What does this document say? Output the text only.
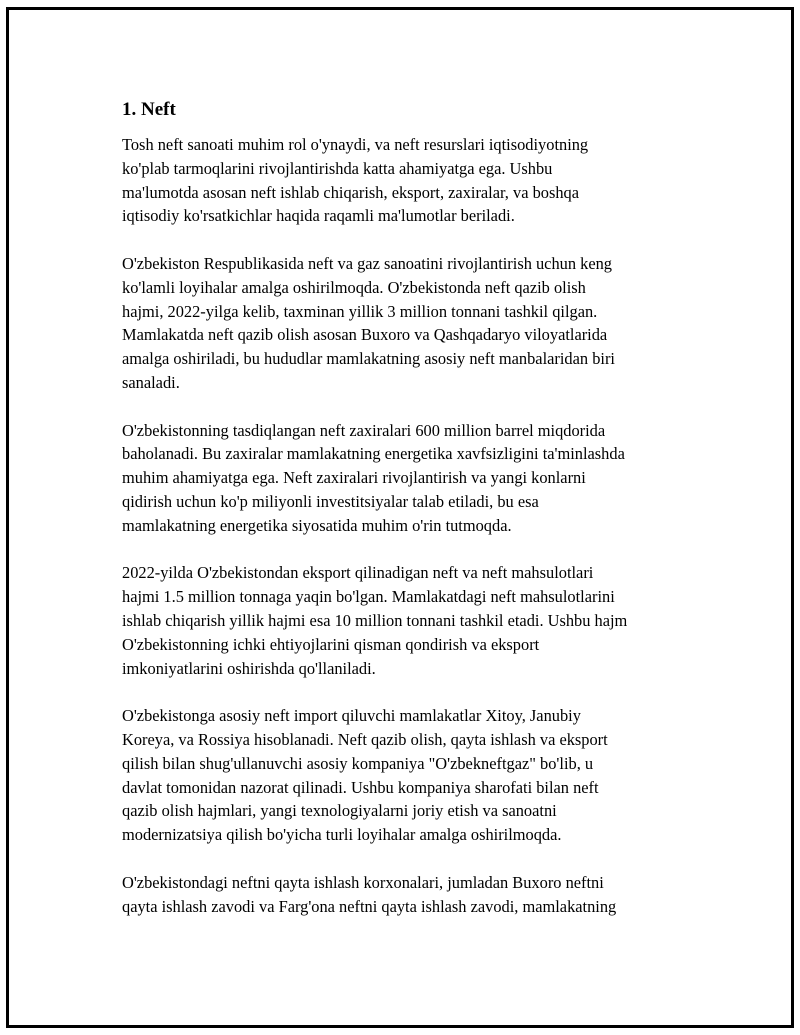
1. Neft

Tosh neft sanoati muhim rol o'ynaydi, va neft resurslari iqtisodiyotning
ko'plab tarmoqlarini rivojlantirishda katta ahamiyatga ega. Ushbu
ma'lumotda asosan neft ishlab chiqarish, eksport, zaxiralar, va boshqa
iqtisodiy ko'rsatkichlar haqida raqamli ma'lumotlar beriladi.

O'zbekiston Respublikasida neft va gaz sanoatini rivojlantirish uchun keng
ko'lamli loyihalar amalga oshirilmoqda. O'zbekistonda neft qazib olish
hajmi, 2022-yilga kelib, taxminan yillik 3 million tonnani tashkil qilgan.
Mamlakatda neft qazib olish asosan Buxoro va Qashqadaryo viloyatlarida
amalga oshiriladi, bu hududlar mamlakatning asosiy neft manbalaridan biri
sanaladi.

O'zbekistonning tasdiqlangan neft zaxiralari 600 million barrel miqdorida
baholanadi. Bu zaxiralar mamlakatning energetika xavfsizligini ta'minlashda
muhim ahamiyatga ega. Neft zaxiralari rivojlantirish va yangi konlarni
qidirish uchun ko'p miliyonli investitsiyalar talab etiladi, bu esa
mamlakatning energetika siyosatida muhim o'rin tutmoqda.

2022-yilda O'zbekistondan eksport qilinadigan neft va neft mahsulotlari
hajmi 1.5 million tonnaga yaqin bo'lgan. Mamlakatdagi neft mahsulotlarini
ishlab chiqarish yillik hajmi esa 10 million tonnani tashkil etadi. Ushbu hajm
O'zbekistonning ichki ehtiyojlarini qisman qondirish va eksport
imkoniyatlarini oshirishda qo'llaniladi.

O'zbekistonga asosiy neft import qiluvchi mamlakatlar Xitoy, Janubiy
Koreya, va Rossiya hisoblanadi. Neft qazib olish, qayta ishlash va eksport
qilish bilan shug'ullanuvchi asosiy kompaniya "O'zbekneftgaz" bo'lib, u
davlat tomonidan nazorat qilinadi. Ushbu kompaniya sharofati bilan neft
qazib olish hajmlari, yangi texnologiyalarni joriy etish va sanoatni
modernizatsiya qilish bo'yicha turli loyihalar amalga oshirilmoqda.

O'zbekistondagi neftni qayta ishlash korxonalari, jumladan Buxoro neftni
qayta ishlash zavodi va Farg'ona neftni qayta ishlash zavodi, mamlakatning
